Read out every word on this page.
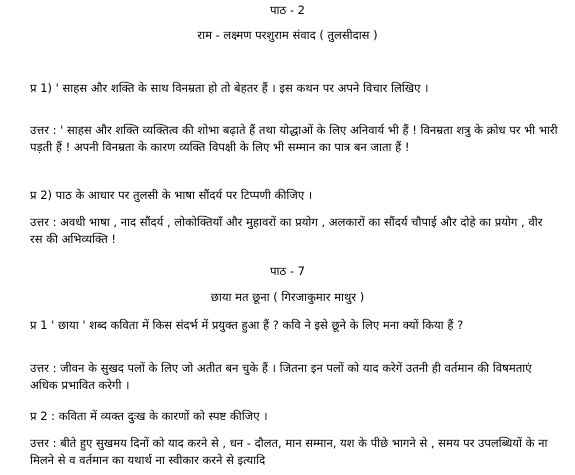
पाठ - 2
राम - लक्ष्मण परशुराम संवाद ( तुलसीदास )
प्र 1) ' साहस और शक्ति के साथ विनम्रता हो तो बेहतर हैं । इस कथन पर अपने विचार लिखिए ।
उत्तर : ' साहस और शक्ति व्यक्तित्व की शोभा बढ़ाते हैं तथा योद्धाओं के लिए अनिवार्य भी हैं ! विनम्रता शत्रु के क्रोध पर भी भारी पड़ती हैं ! अपनी विनम्रता के कारण व्यक्ति विपक्षी के लिए भी सम्मान का पात्र बन जाता हैं !
प्र 2) पाठ के आधार पर तुलसी के भाषा सौंदर्य पर टिप्पणी कीजिए ।
उत्तर : अवधी भाषा , नाद सौंदर्य , लोकोक्तियाँ और मुहावरों का प्रयोग , अलकारों का सौंदर्य चौपाई और दोहे का प्रयोग , वीर रस की अभिव्यक्ति !
पाठ - 7
छाया मत छूना ( गिरजाकुमार माथुर )
प्र 1 ' छाया ' शब्द कविता में किस संदर्भ में प्रयुक्त हुआ हैं ? कवि ने इसे छूने के लिए मना क्यों किया हैं ?
उत्तर : जीवन के सुखद पलों के लिए जो अतीत बन चुके हैं । जितना इन पलों को याद करेगें उतनी ही वर्तमान की विषमताएं अधिक प्रभावित करेगी ।
प्र 2 : कविता में व्यक्त दुःख के कारणों को स्पष्ट कीजिए ।
उत्तर : बीते हुए सुखमय दिनों को याद करने से , धन - दौलत, मान सम्मान, यश के पीछे भागने से , समय पर उपलब्धियों के ना मिलने से व वर्तमान का यथार्थ ना स्वीकार करने से इत्यादि
